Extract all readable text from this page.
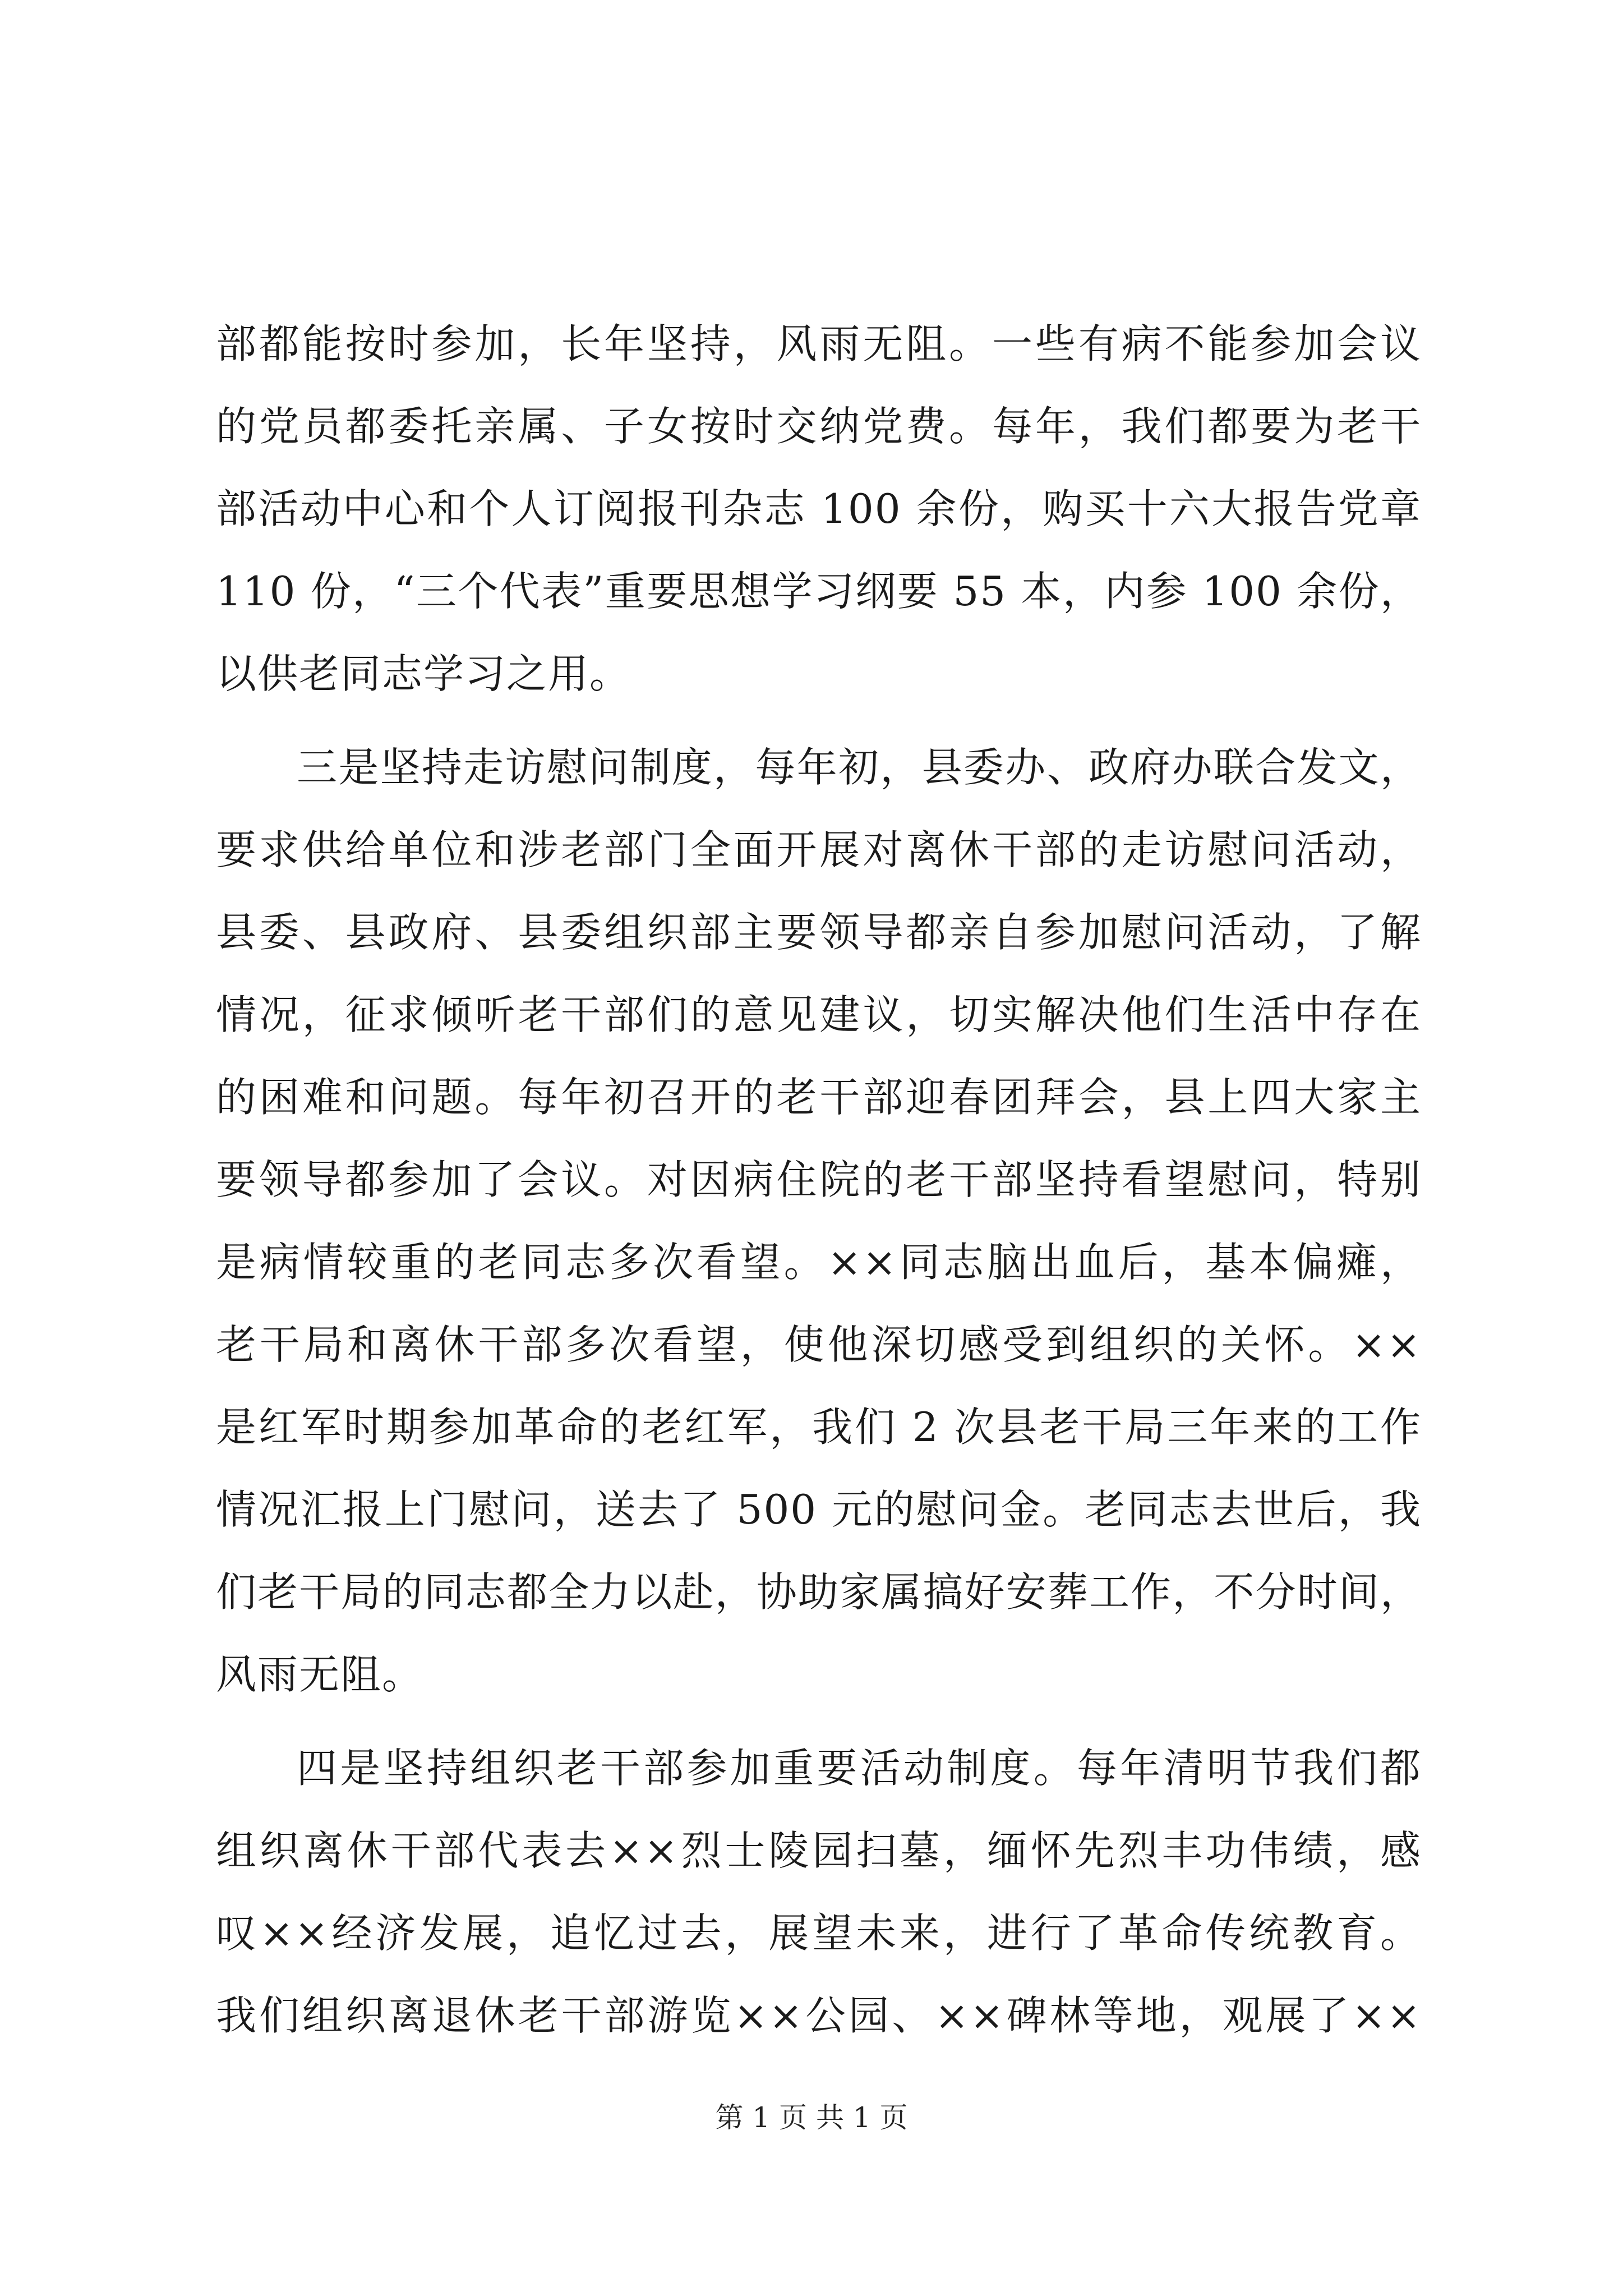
部都能按时参加，长年坚持，风雨无阻。一些有病不能参加会议
的党员都委托亲属、子女按时交纳党费。每年，我们都要为老干
部活动中心和个人订阅报刊杂志 100 余份，购买十六大报告党章
110 份，“三个代表”重要思想学习纲要 55 本，内参 100 余份，
以供老同志学习之用。
三是坚持走访慰问制度，每年初，县委办、政府办联合发文，
要求供给单位和涉老部门全面开展对离休干部的走访慰问活动，
县委、县政府、县委组织部主要领导都亲自参加慰问活动，了解
情况，征求倾听老干部们的意见建议，切实解决他们生活中存在
的困难和问题。每年初召开的老干部迎春团拜会，县上四大家主
要领导都参加了会议。对因病住院的老干部坚持看望慰问，特别
是病情较重的老同志多次看望。××同志脑出血后，基本偏瘫，
老干局和离休干部多次看望，使他深切感受到组织的关怀。××
是红军时期参加革命的老红军，我们 2 次县老干局三年来的工作
情况汇报上门慰问，送去了 500 元的慰问金。老同志去世后，我
们老干局的同志都全力以赴，协助家属搞好安葬工作，不分时间，
风雨无阻。
四是坚持组织老干部参加重要活动制度。每年清明节我们都
组织离休干部代表去××烈士陵园扫墓，缅怀先烈丰功伟绩，感
叹××经济发展，追忆过去，展望未来，进行了革命传统教育。
我们组织离退休老干部游览××公园、××碑林等地，观展了××
第 1 页 共 1 页
